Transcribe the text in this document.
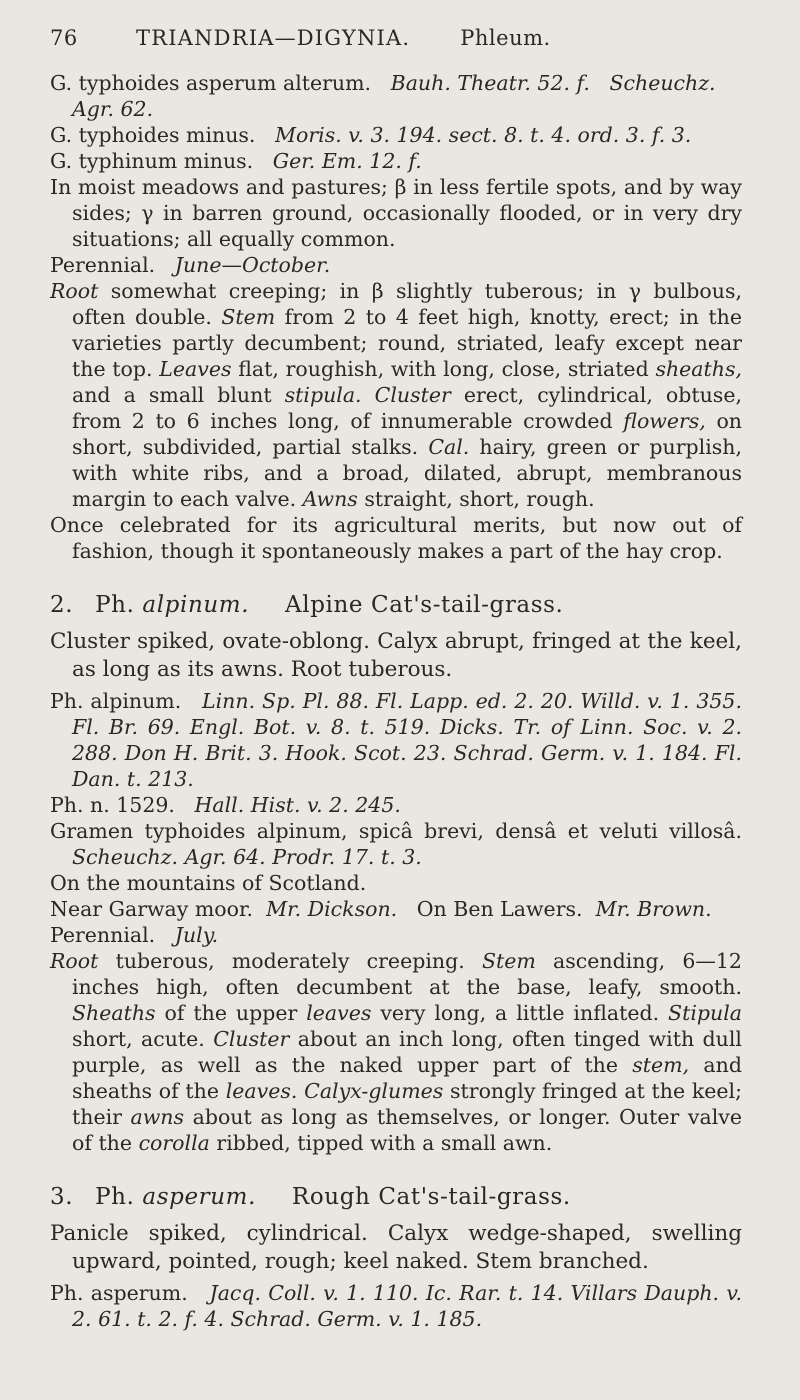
76	TRIANDRIA—DIGYNIA. Phleum.

G. typhoides asperum alterum. Bauh. Theatr. 52. f. Scheuchz. Agr. 62.

G. typhoides minus. Moris. v. 3. 194. sect. 8. t. 4. ord. 3. f. 3.

G. typhinum minus. Ger. Em. 12. f.

In moist meadows and pastures; β in less fertile spots, and by way sides; γ in barren ground, occasionally flooded, or in very dry situations; all equally common.

Perennial. June—October.

Root somewhat creeping; in β slightly tuberous; in γ bulbous, often double. Stem from 2 to 4 feet high, knotty, erect; in the varieties partly decumbent; round, striated, leafy except near the top. Leaves flat, roughish, with long, close, striated sheaths, and a small blunt stipula. Cluster erect, cylindrical, obtuse, from 2 to 6 inches long, of innumerable crowded flowers, on short, subdivided, partial stalks. Cal. hairy, green or purplish, with white ribs, and a broad, dilated, abrupt, membranous margin to each valve. Awns straight, short, rough.

Once celebrated for its agricultural merits, but now out of fashion, though it spontaneously makes a part of the hay crop.

2. Ph. alpinum. Alpine Cat's-tail-grass.

Cluster spiked, ovate-oblong. Calyx abrupt, fringed at the keel, as long as its awns. Root tuberous.

Ph. alpinum. Linn. Sp. Pl. 88. Fl. Lapp. ed. 2. 20. Willd. v. 1. 355. Fl. Br. 69. Engl. Bot. v. 8. t. 519. Dicks. Tr. of Linn. Soc. v. 2. 288. Don H. Brit. 3. Hook. Scot. 23. Schrad. Germ. v. 1. 184. Fl. Dan. t. 213.

Ph. n. 1529. Hall. Hist. v. 2. 245.

Gramen typhoides alpinum, spicâ brevi, densâ et veluti villosâ. Scheuchz. Agr. 64. Prodr. 17. t. 3.

On the mountains of Scotland.

Near Garway moor. Mr. Dickson. On Ben Lawers. Mr. Brown.

Perennial. July.

Root tuberous, moderately creeping. Stem ascending, 6—12 inches high, often decumbent at the base, leafy, smooth. Sheaths of the upper leaves very long, a little inflated. Stipula short, acute. Cluster about an inch long, often tinged with dull purple, as well as the naked upper part of the stem, and sheaths of the leaves. Calyx-glumes strongly fringed at the keel; their awns about as long as themselves, or longer. Outer valve of the corolla ribbed, tipped with a small awn.

3. Ph. asperum. Rough Cat's-tail-grass.

Panicle spiked, cylindrical. Calyx wedge-shaped, swelling upward, pointed, rough; keel naked. Stem branched.

Ph. asperum. Jacq. Coll. v. 1. 110. Ic. Rar. t. 14. Villars Dauph. v. 2. 61. t. 2. f. 4. Schrad. Germ. v. 1. 185.
